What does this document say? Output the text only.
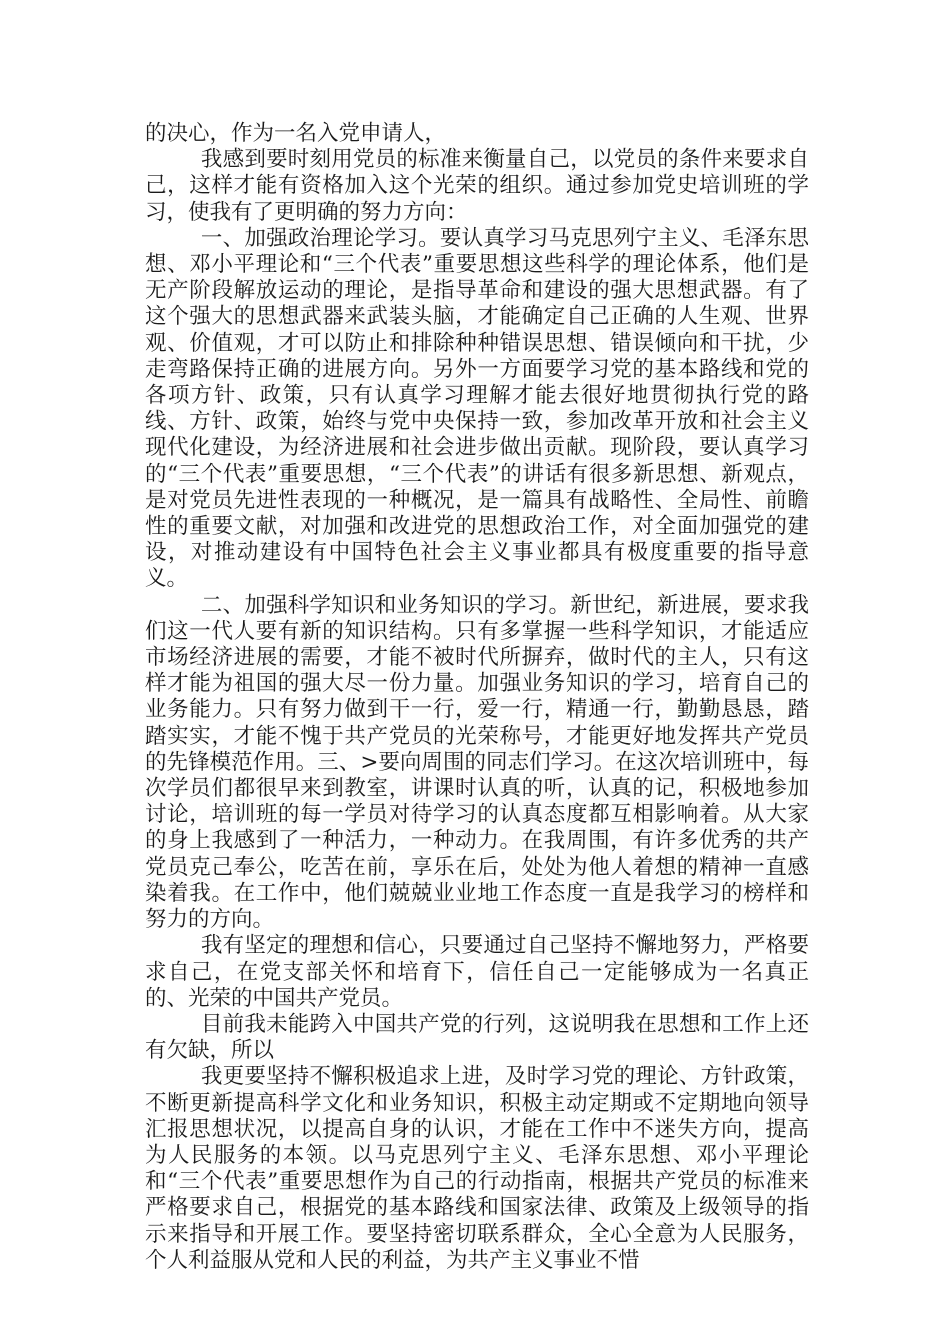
的决心，作为一名入党申请人，

我感到要时刻用党员的标准来衡量自己，以党员的条件来要求自己，这样才能有资格加入这个光荣的组织。通过参加党史培训班的学习，使我有了更明确的努力方向：

一、加强政治理论学习。要认真学习马克思列宁主义、毛泽东思想、邓小平理论和“三个代表”重要思想这些科学的理论体系，他们是无产阶段解放运动的理论，是指导革命和建设的强大思想武器。有了这个强大的思想武器来武装头脑，才能确定自己正确的人生观、世界观、价值观，才可以防止和排除种种错误思想、错误倾向和干扰，少走弯路保持正确的进展方向。另外一方面要学习党的基本路线和党的各项方针、政策，只有认真学习理解才能去很好地贯彻执行党的路线、方针、政策，始终与党中央保持一致，参加改革开放和社会主义现代化建设，为经济进展和社会进步做出贡献。现阶段，要认真学习的“三个代表”重要思想，“三个代表”的讲话有很多新思想、新观点，是对党员先进性表现的一种概况，是一篇具有战略性、全局性、前瞻性的重要文献，对加强和改进党的思想政治工作，对全面加强党的建设，对推动建设有中国特色社会主义事业都具有极度重要的指导意义。

二、加强科学知识和业务知识的学习。新世纪，新进展，要求我们这一代人要有新的知识结构。只有多掌握一些科学知识，才能适应市场经济进展的需要，才能不被时代所摒弃，做时代的主人，只有这样才能为祖国的强大尽一份力量。加强业务知识的学习，培育自己的业务能力。只有努力做到干一行，爱一行，精通一行，勤勤恳恳，踏踏实实，才能不愧于共产党员的光荣称号，才能更好地发挥共产党员的先锋模范作用。三、>要向周围的同志们学习。在这次培训班中，每次学员们都很早来到教室，讲课时认真的听，认真的记，积极地参加讨论，培训班的每一学员对待学习的认真态度都互相影响着。从大家的身上我感到了一种活力，一种动力。在我周围，有许多优秀的共产党员克己奉公，吃苦在前，享乐在后，处处为他人着想的精神一直感染着我。在工作中，他们兢兢业业地工作态度一直是我学习的榜样和努力的方向。

我有坚定的理想和信心，只要通过自己坚持不懈地努力，严格要求自己，在党支部关怀和培育下，信任自己一定能够成为一名真正的、光荣的中国共产党员。

目前我未能跨入中国共产党的行列，这说明我在思想和工作上还有欠缺，所以

我更要坚持不懈积极追求上进，及时学习党的理论、方针政策，不断更新提高科学文化和业务知识，积极主动定期或不定期地向领导汇报思想状况，以提高自身的认识，才能在工作中不迷失方向，提高为人民服务的本领。以马克思列宁主义、毛泽东思想、邓小平理论和“三个代表”重要思想作为自己的行动指南，根据共产党员的标准来严格要求自己，根据党的基本路线和国家法律、政策及上级领导的指示来指导和开展工作。要坚持密切联系群众，全心全意为人民服务，个人利益服从党和人民的利益，为共产主义事业不惜
